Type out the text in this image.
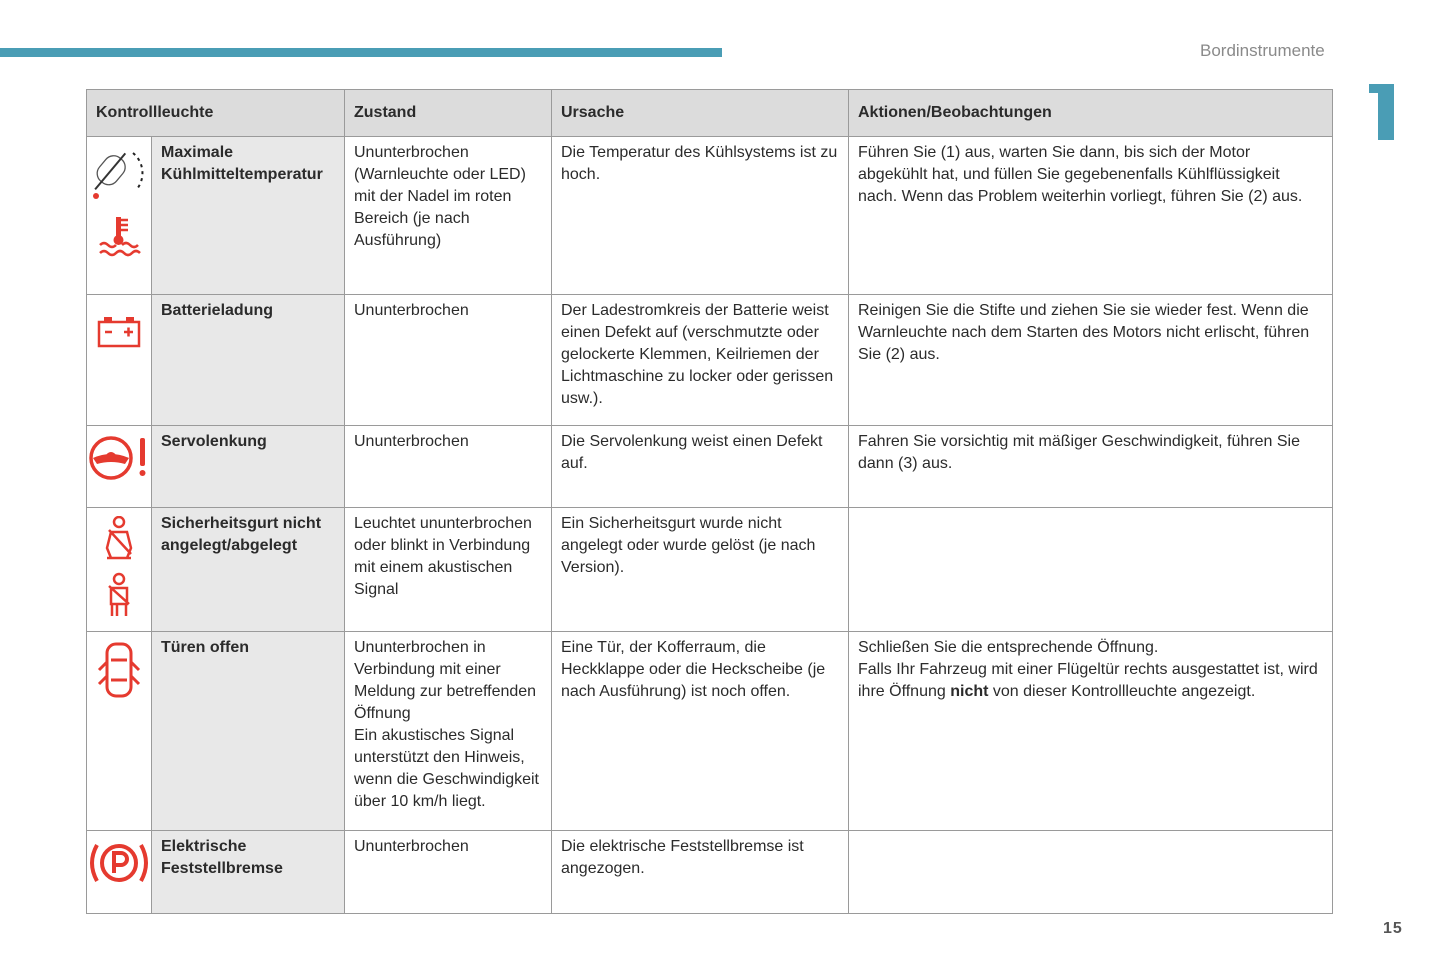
Bordinstrumente
15
Kontrollleuchte		Zustand	Ursache	Aktionen/Beobachtungen

	Maximale Kühlmitteltemperatur	Ununterbrochen (Warnleuchte oder LED) mit der Nadel im roten Bereich (je nach Ausführung)	Die Temperatur des Kühlsystems ist zu hoch.	Führen Sie (1) aus, warten Sie dann, bis sich der Motor abgekühlt hat, und füllen Sie gegebenenfalls Kühlflüssigkeit nach. Wenn das Problem weiterhin vorliegt, führen Sie (2) aus.

	Batterieladung	Ununterbrochen	Der Ladestromkreis der Batterie weist einen Defekt auf (verschmutzte oder gelockerte Klemmen, Keilriemen der Lichtmaschine zu locker oder gerissen usw.).	Reinigen Sie die Stifte und ziehen Sie sie wieder fest. Wenn die Warnleuchte nach dem Starten des Motors nicht erlischt, führen Sie (2) aus.

	Servolenkung	Ununterbrochen	Die Servolenkung weist einen Defekt auf.	Fahren Sie vorsichtig mit mäßiger Geschwindigkeit, führen Sie dann (3) aus.

	Sicherheitsgurt nicht angelegt/abgelegt	Leuchtet ununterbrochen oder blinkt in Verbindung mit einem akustischen Signal	Ein Sicherheitsgurt wurde nicht angelegt oder wurde gelöst (je nach Version).	

	Türen offen	Ununterbrochen in Verbindung mit einer Meldung zur betreffenden Öffnung
Ein akustisches Signal unterstützt den Hinweis, wenn die Geschwindigkeit über 10 km/h liegt.	Eine Tür, der Kofferraum, die Heckklappe oder die Heckscheibe (je nach Ausführung) ist noch offen.	Schließen Sie die entsprechende Öffnung.
Falls Ihr Fahrzeug mit einer Flügeltür rechts ausgestattet ist, wird ihre Öffnung nicht von dieser Kontrollleuchte angezeigt.

	Elektrische Feststellbremse	Ununterbrochen	Die elektrische Feststellbremse ist angezogen.	
